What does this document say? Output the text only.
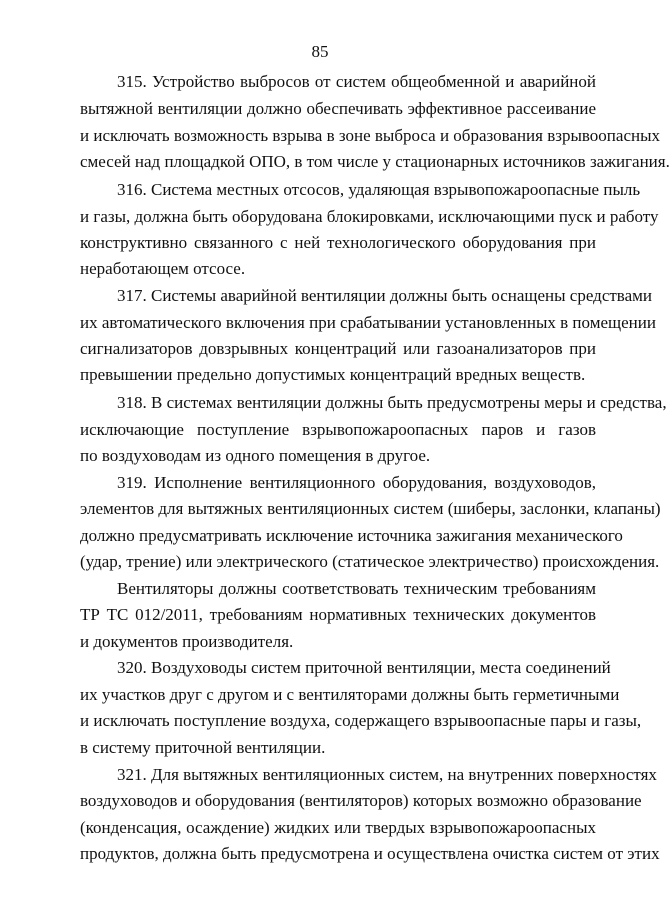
85
315. Устройство выбросов от систем общеобменной и аварийной
вытяжной вентиляции должно обеспечивать эффективное рассеивание
и исключать возможность взрыва в зоне выброса и образования взрывоопасных
смесей над площадкой ОПО, в том числе у стационарных источников зажигания.
316. Система местных отсосов, удаляющая взрывопожароопасные пыль
и газы, должна быть оборудована блокировками, исключающими пуск и работу
конструктивно связанного с ней технологического оборудования при
неработающем отсосе.
317. Системы аварийной вентиляции должны быть оснащены средствами
их автоматического включения при срабатывании установленных в помещении
сигнализаторов довзрывных концентраций или газоанализаторов при
превышении предельно допустимых концентраций вредных веществ.
318. В системах вентиляции должны быть предусмотрены меры и средства,
исключающие поступление взрывопожароопасных паров и газов
по воздуховодам из одного помещения в другое.
319. Исполнение вентиляционного оборудования, воздуховодов,
элементов для вытяжных вентиляционных систем (шиберы, заслонки, клапаны)
должно предусматривать исключение источника зажигания механического
(удар, трение) или электрического (статическое электричество) происхождения.
Вентиляторы должны соответствовать техническим требованиям
ТР ТС 012/2011, требованиям нормативных технических документов
и документов производителя.
320. Воздуховоды систем приточной вентиляции, места соединений
их участков друг с другом и с вентиляторами должны быть герметичными
и исключать поступление воздуха, содержащего взрывоопасные пары и газы,
в систему приточной вентиляции.
321. Для вытяжных вентиляционных систем, на внутренних поверхностях
воздуховодов и оборудования (вентиляторов) которых возможно образование
(конденсация, осаждение) жидких или твердых взрывопожароопасных
продуктов, должна быть предусмотрена и осуществлена очистка систем от этих
